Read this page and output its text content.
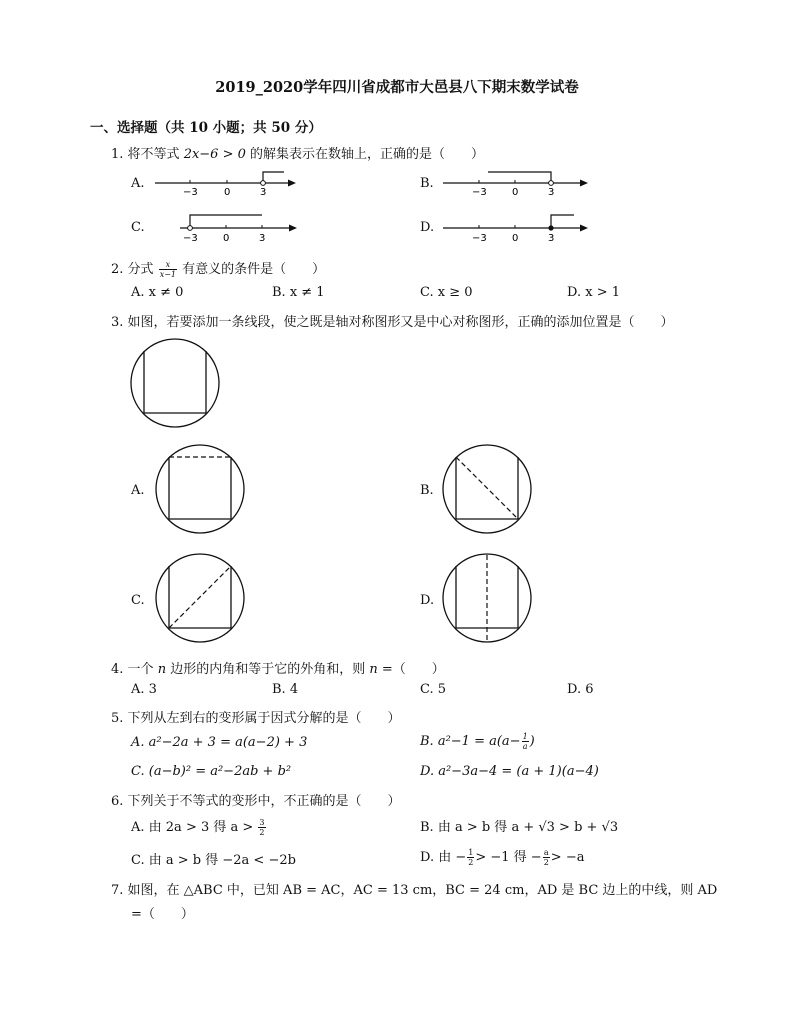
2019_2020学年四川省成都市大邑县八下期末数学试卷
一、选择题（共 10 小题；共 50 分）
1. 将不等式 2x−6 > 0 的解集表示在数轴上，正确的是（　　）
A.
−3	0	3
B.
−3	0	3
C.
−3	0	3
D.
−3	0	3
2. 分式 $\frac{x}{x-1}$ 有意义的条件是（　　）
A. x ≠ 0	B. x ≠ 1	C. x ≥ 0	D. x > 1
3. 如图，若要添加一条线段，使之既是轴对称图形又是中心对称图形，正确的添加位置是（　　）
A.	B.
C.	D.
4. 一个 n 边形的内角和等于它的外角和，则 n =（　　）
A. 3	B. 4	C. 5	D. 6
5. 下列从左到右的变形属于因式分解的是（　　）
A. a²−2a + 3 = a(a−2) + 3	B. $a^2-1 = a(a- \frac{1}{a}$ )
C. (a−b)² = a²−2ab + b²	D. a²−3a−4 = (a + 1)(a−4)
6. 下列关于不等式的变形中，不正确的是（　　）
A. 由 2a > 3 得 $a > \frac{3}{2}$	B. 由 a > b 得 a + √3 > b + √3
C. 由 a > b 得 −2a < −2b	D. 由 − $\frac{1}{2} > -1$ 得 − $\frac{a}{2} > -a$
7. 如图，在 △ABC 中，已知 AB = AC，AC = 13 cm，BC = 24 cm，AD 是 BC 边上的中线，则 AD
=（　　）
